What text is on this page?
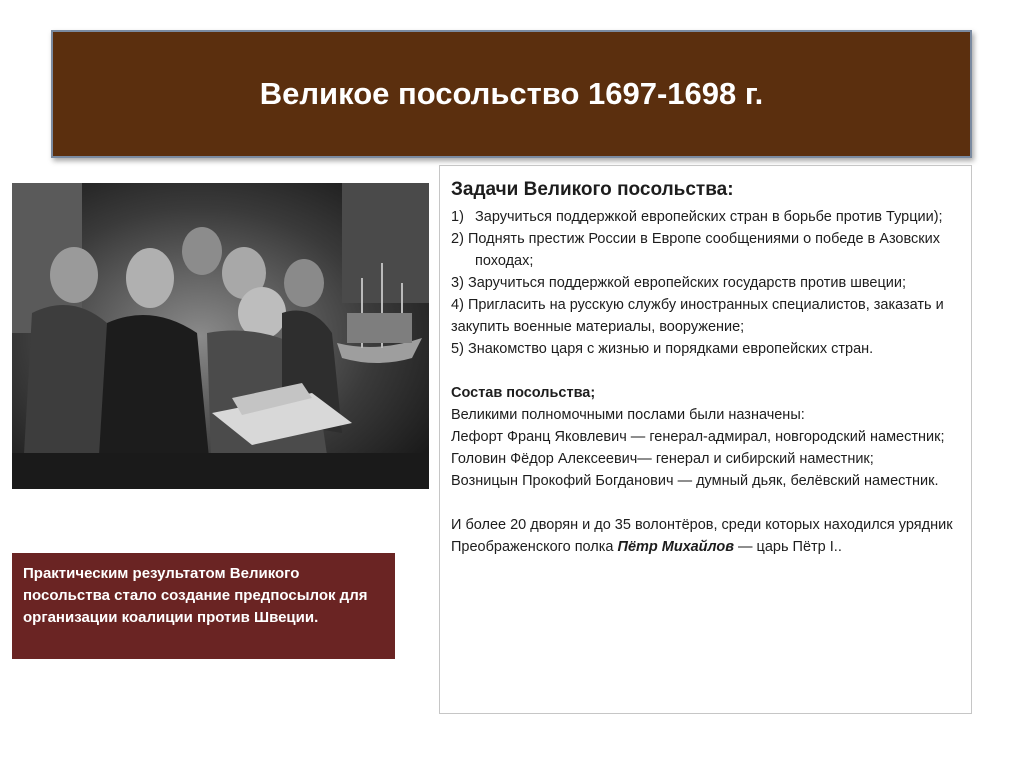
Великое посольство 1697-1698 г.

Практическим результатом Великого посольства стало создание предпосылок для организации коалиции против Швеции.

Задачи Великого посольства:

1) Заручиться поддержкой европейских стран в борьбе против Турции);

2) Поднять престиж России в Европе сообщениями о победе в Азовских походах;

3) Заручиться поддержкой европейских государств против швеции;

4) Пригласить на русскую службу иностранных специалистов, заказать и закупить военные материалы, вооружение;

5) Знакомство царя с жизнью и порядками европейских стран.

Состав посольства;

Великими полномочными послами были назначены:

Лефорт Франц Яковлевич — генерал-адмирал, новгородский наместник;

Головин Фёдор Алексеевич— генерал и сибирский наместник;

Возницын Прокофий Богданович — думный дьяк, белёвский наместник.

И более 20 дворян и до 35 волонтёров, среди которых находился урядник Преображенского полка Пётр Михайлов — царь Пётр I..
